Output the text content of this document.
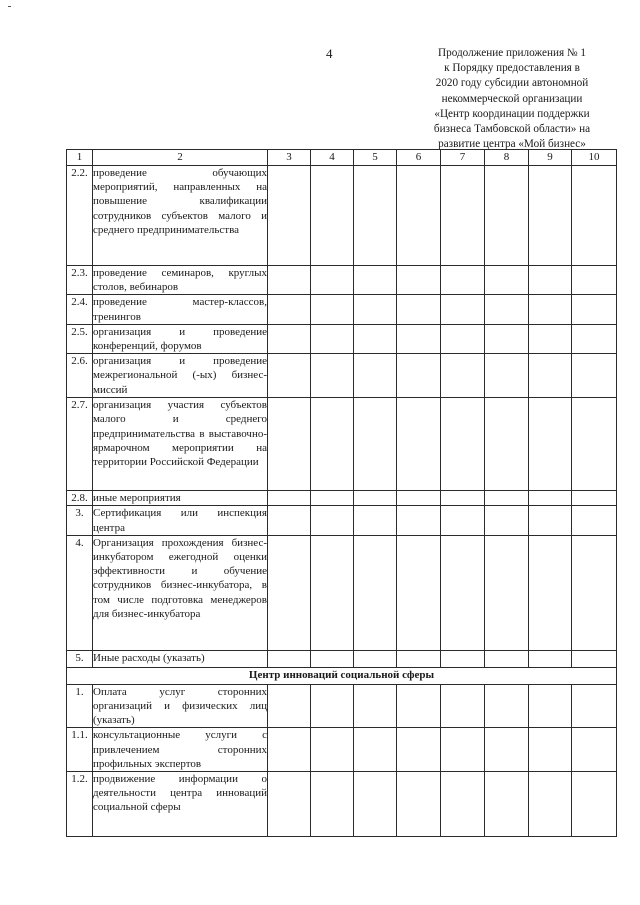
4	Продолжение приложения № 1
к Порядку предоставления в
2020 году субсидии автономной
некоммерческой организации
«Центр координации поддержки
бизнеса Тамбовской области» на
развитие центра «Мой бизнес»
1	2	3	4	5	6	7	8	9	10
2.2.	проведение обучающих мероприятий, направленных на повышение квалификации сотрудников субъектов малого и среднего предпринимательства								
2.3.	проведение семинаров, круглых столов, вебинаров								
2.4.	проведение мастер-классов, тренингов								
2.5.	организация и проведение конференций, форумов								
2.6.	организация и проведение межрегиональной (-ых) бизнес-миссий								
2.7.	организация участия субъектов малого и среднего предпринимательства в выставочно-ярмарочном мероприятии на территории Российской Федерации								
2.8.	иные мероприятия								
3.	Сертификация или инспекция центра								
4.	Организация прохождения бизнес-инкубатором ежегодной оценки эффективности и обучение сотрудников бизнес-инкубатора, в том числе подготовка менеджеров для бизнес-инкубатора								
5.	Иные расходы (указать)								
Центр инноваций социальной сферы									
1.	Оплата услуг сторонних организаций и физических лиц (указать)								
1.1.	консультационные услуги с привлечением сторонних профильных экспертов								
1.2.	продвижение информации о деятельности центра инноваций социальной сферы								
